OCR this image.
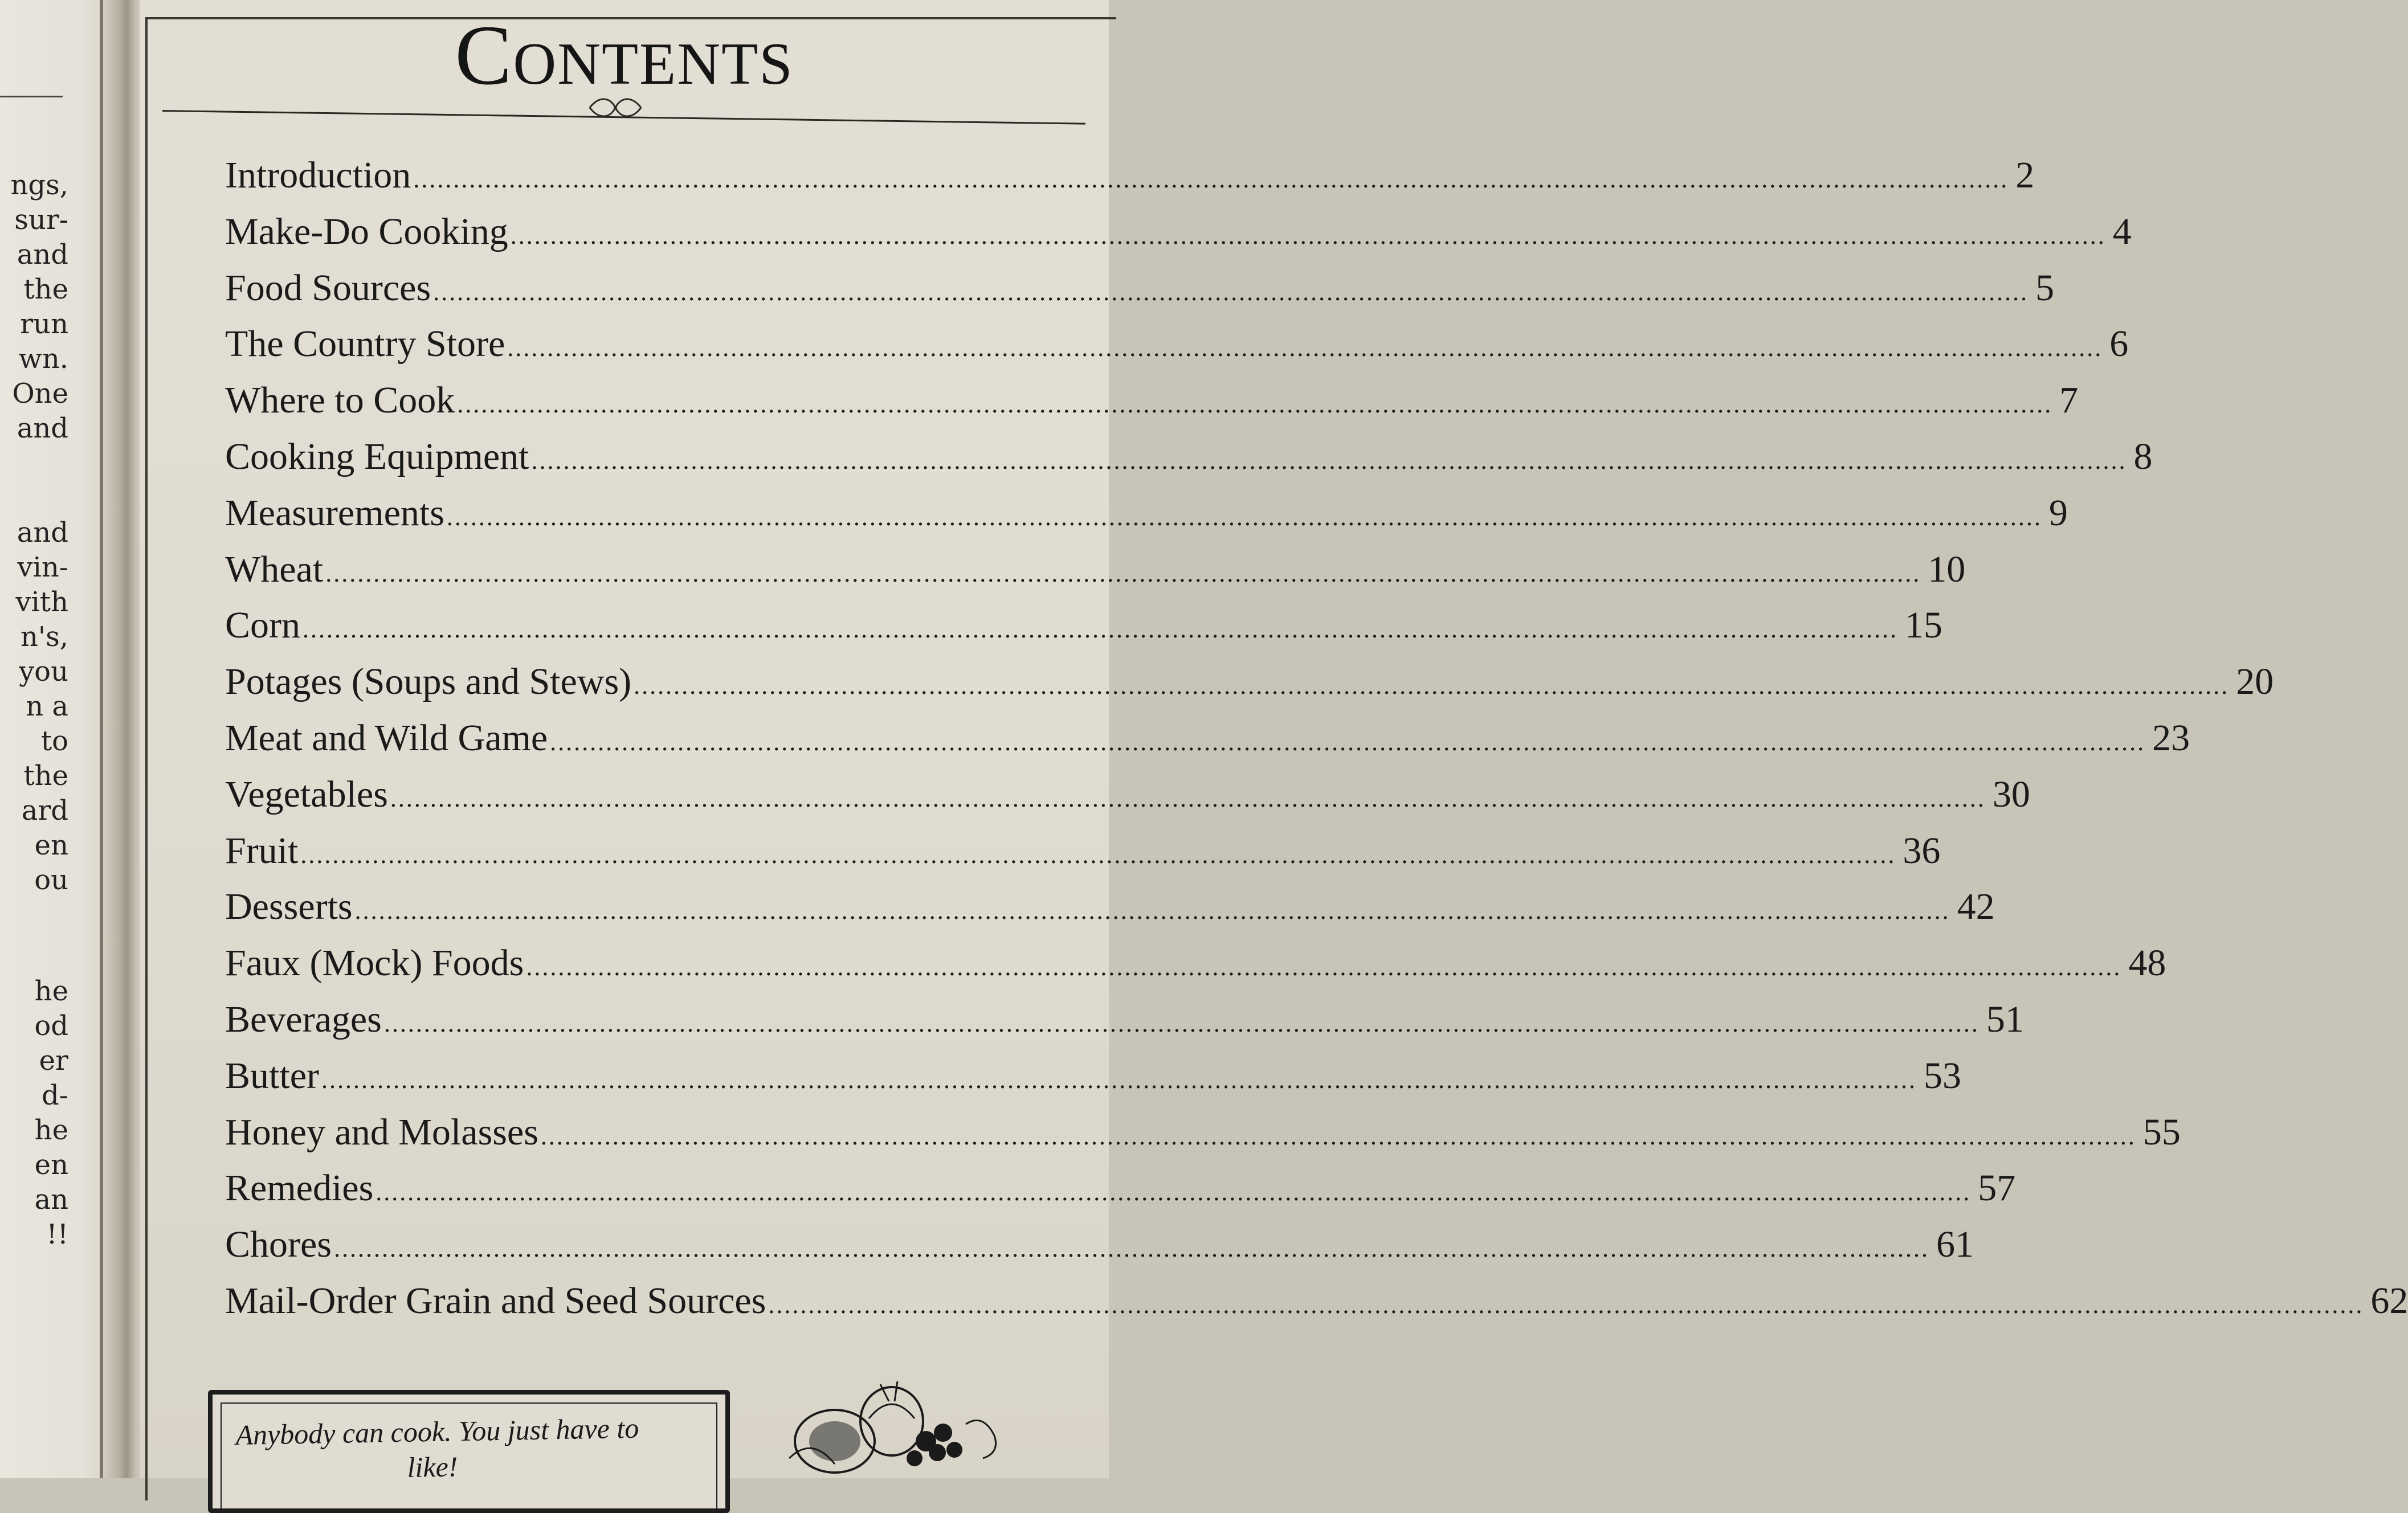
ngs,
sur-
and
the
run
wn.
One
and
and
vin-
vith
n's,
you
n a
to
the
ard
en
ou
he
od
er
d-
he
en
an
!!
Contents
Introduction ........................................................................................................................................................................................................ 2
Make-Do Cooking ........................................................................................................................................................................................................ 4
Food Sources ........................................................................................................................................................................................................ 5
The Country Store ........................................................................................................................................................................................................ 6
Where to Cook ........................................................................................................................................................................................................ 7
Cooking Equipment ........................................................................................................................................................................................................ 8
Measurements ........................................................................................................................................................................................................ 9
Wheat ........................................................................................................................................................................................................ 10
Corn ........................................................................................................................................................................................................ 15
Potages (Soups and Stews) ........................................................................................................................................................................................................ 20
Meat and Wild Game ........................................................................................................................................................................................................ 23
Vegetables ........................................................................................................................................................................................................ 30
Fruit ........................................................................................................................................................................................................ 36
Desserts ........................................................................................................................................................................................................ 42
Faux (Mock) Foods ........................................................................................................................................................................................................ 48
Beverages ........................................................................................................................................................................................................ 51
Butter ........................................................................................................................................................................................................ 53
Honey and Molasses ........................................................................................................................................................................................................ 55
Remedies ........................................................................................................................................................................................................ 57
Chores ........................................................................................................................................................................................................ 61
Mail-Order Grain and Seed Sources ........................................................................................................................................................................................................ 62
Anybody can cook. You just have to
like!
